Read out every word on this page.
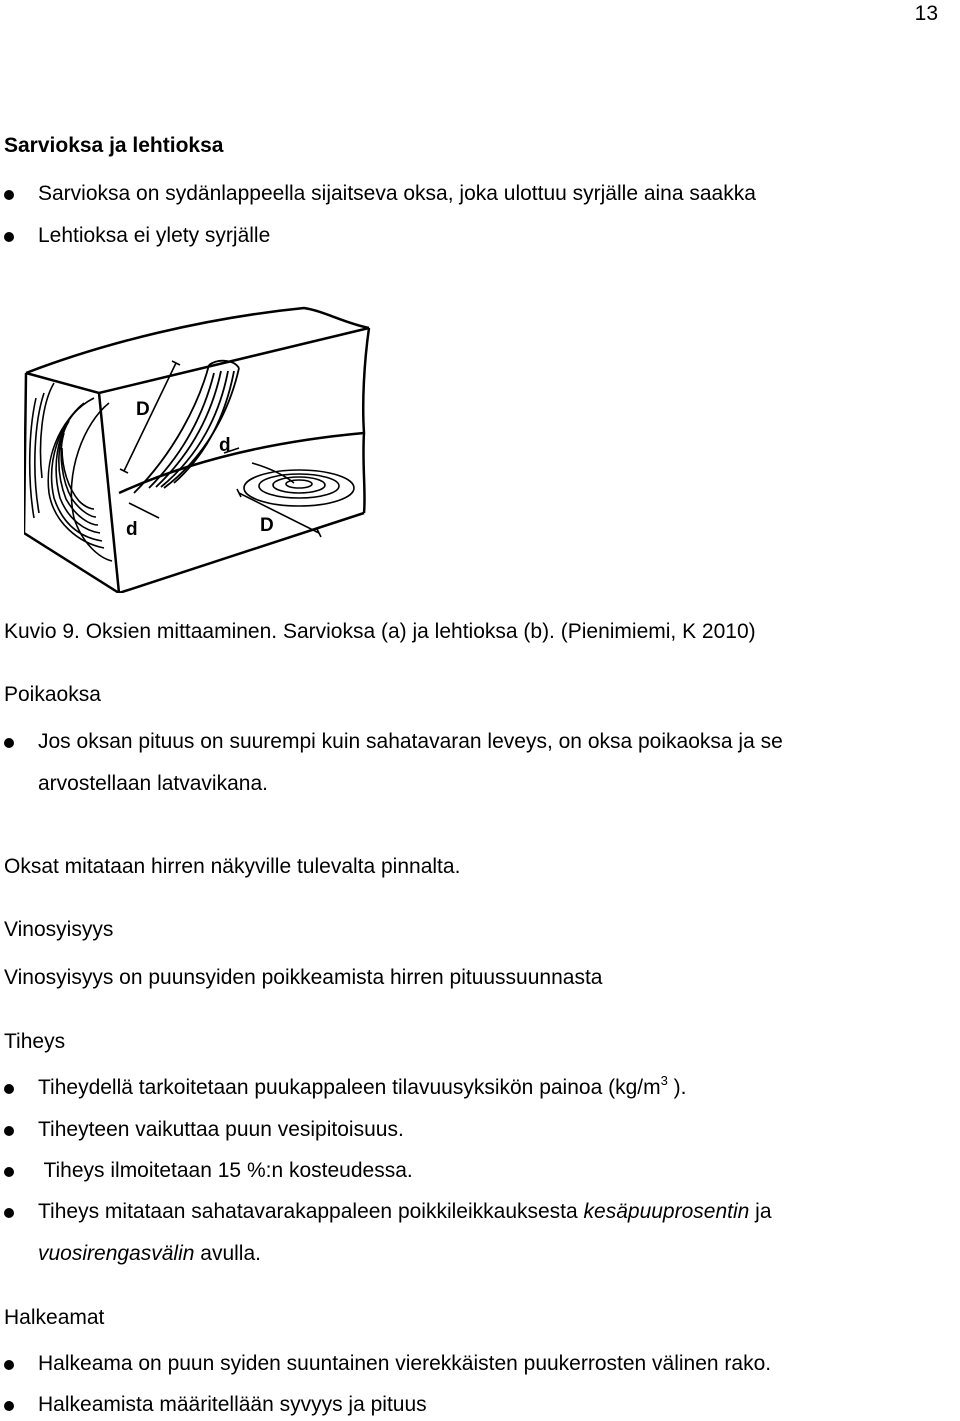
13
Sarvioksa ja lehtioksa
Sarvioksa on sydänlappeella sijaitseva oksa, joka ulottuu syrjälle aina saakka
Lehtioksa ei ylety syrjälle
D
d
d	D
Kuvio 9. Oksien mittaaminen. Sarvioksa (a) ja lehtioksa (b). (Pienimiemi, K 2010)
Poikaoksa
Jos oksan pituus on suurempi kuin sahatavaran leveys, on oksa poikaoksa ja se
arvostellaan latvavikana.
Oksat mitataan hirren näkyville tulevalta pinnalta.
Vinosyisyys
Vinosyisyys on puunsyiden poikkeamista hirren pituussuunnasta
Tiheys
Tiheydellä tarkoitetaan puukappaleen tilavuusyksikön painoa ($kg/m^3$ ).
Tiheyteen vaikuttaa puun vesipitoisuus.
Tiheys ilmoitetaan 15 %:n kosteudessa.
Tiheys mitataan sahatavarakappaleen poikkileikkauksesta kesäpuuprosentin ja
vuosirengasvälin avulla.
Halkeamat
Halkeama on puun syiden suuntainen vierekkäisten puukerrosten välinen rako.
Halkeamista määritellään syvyys ja pituus
